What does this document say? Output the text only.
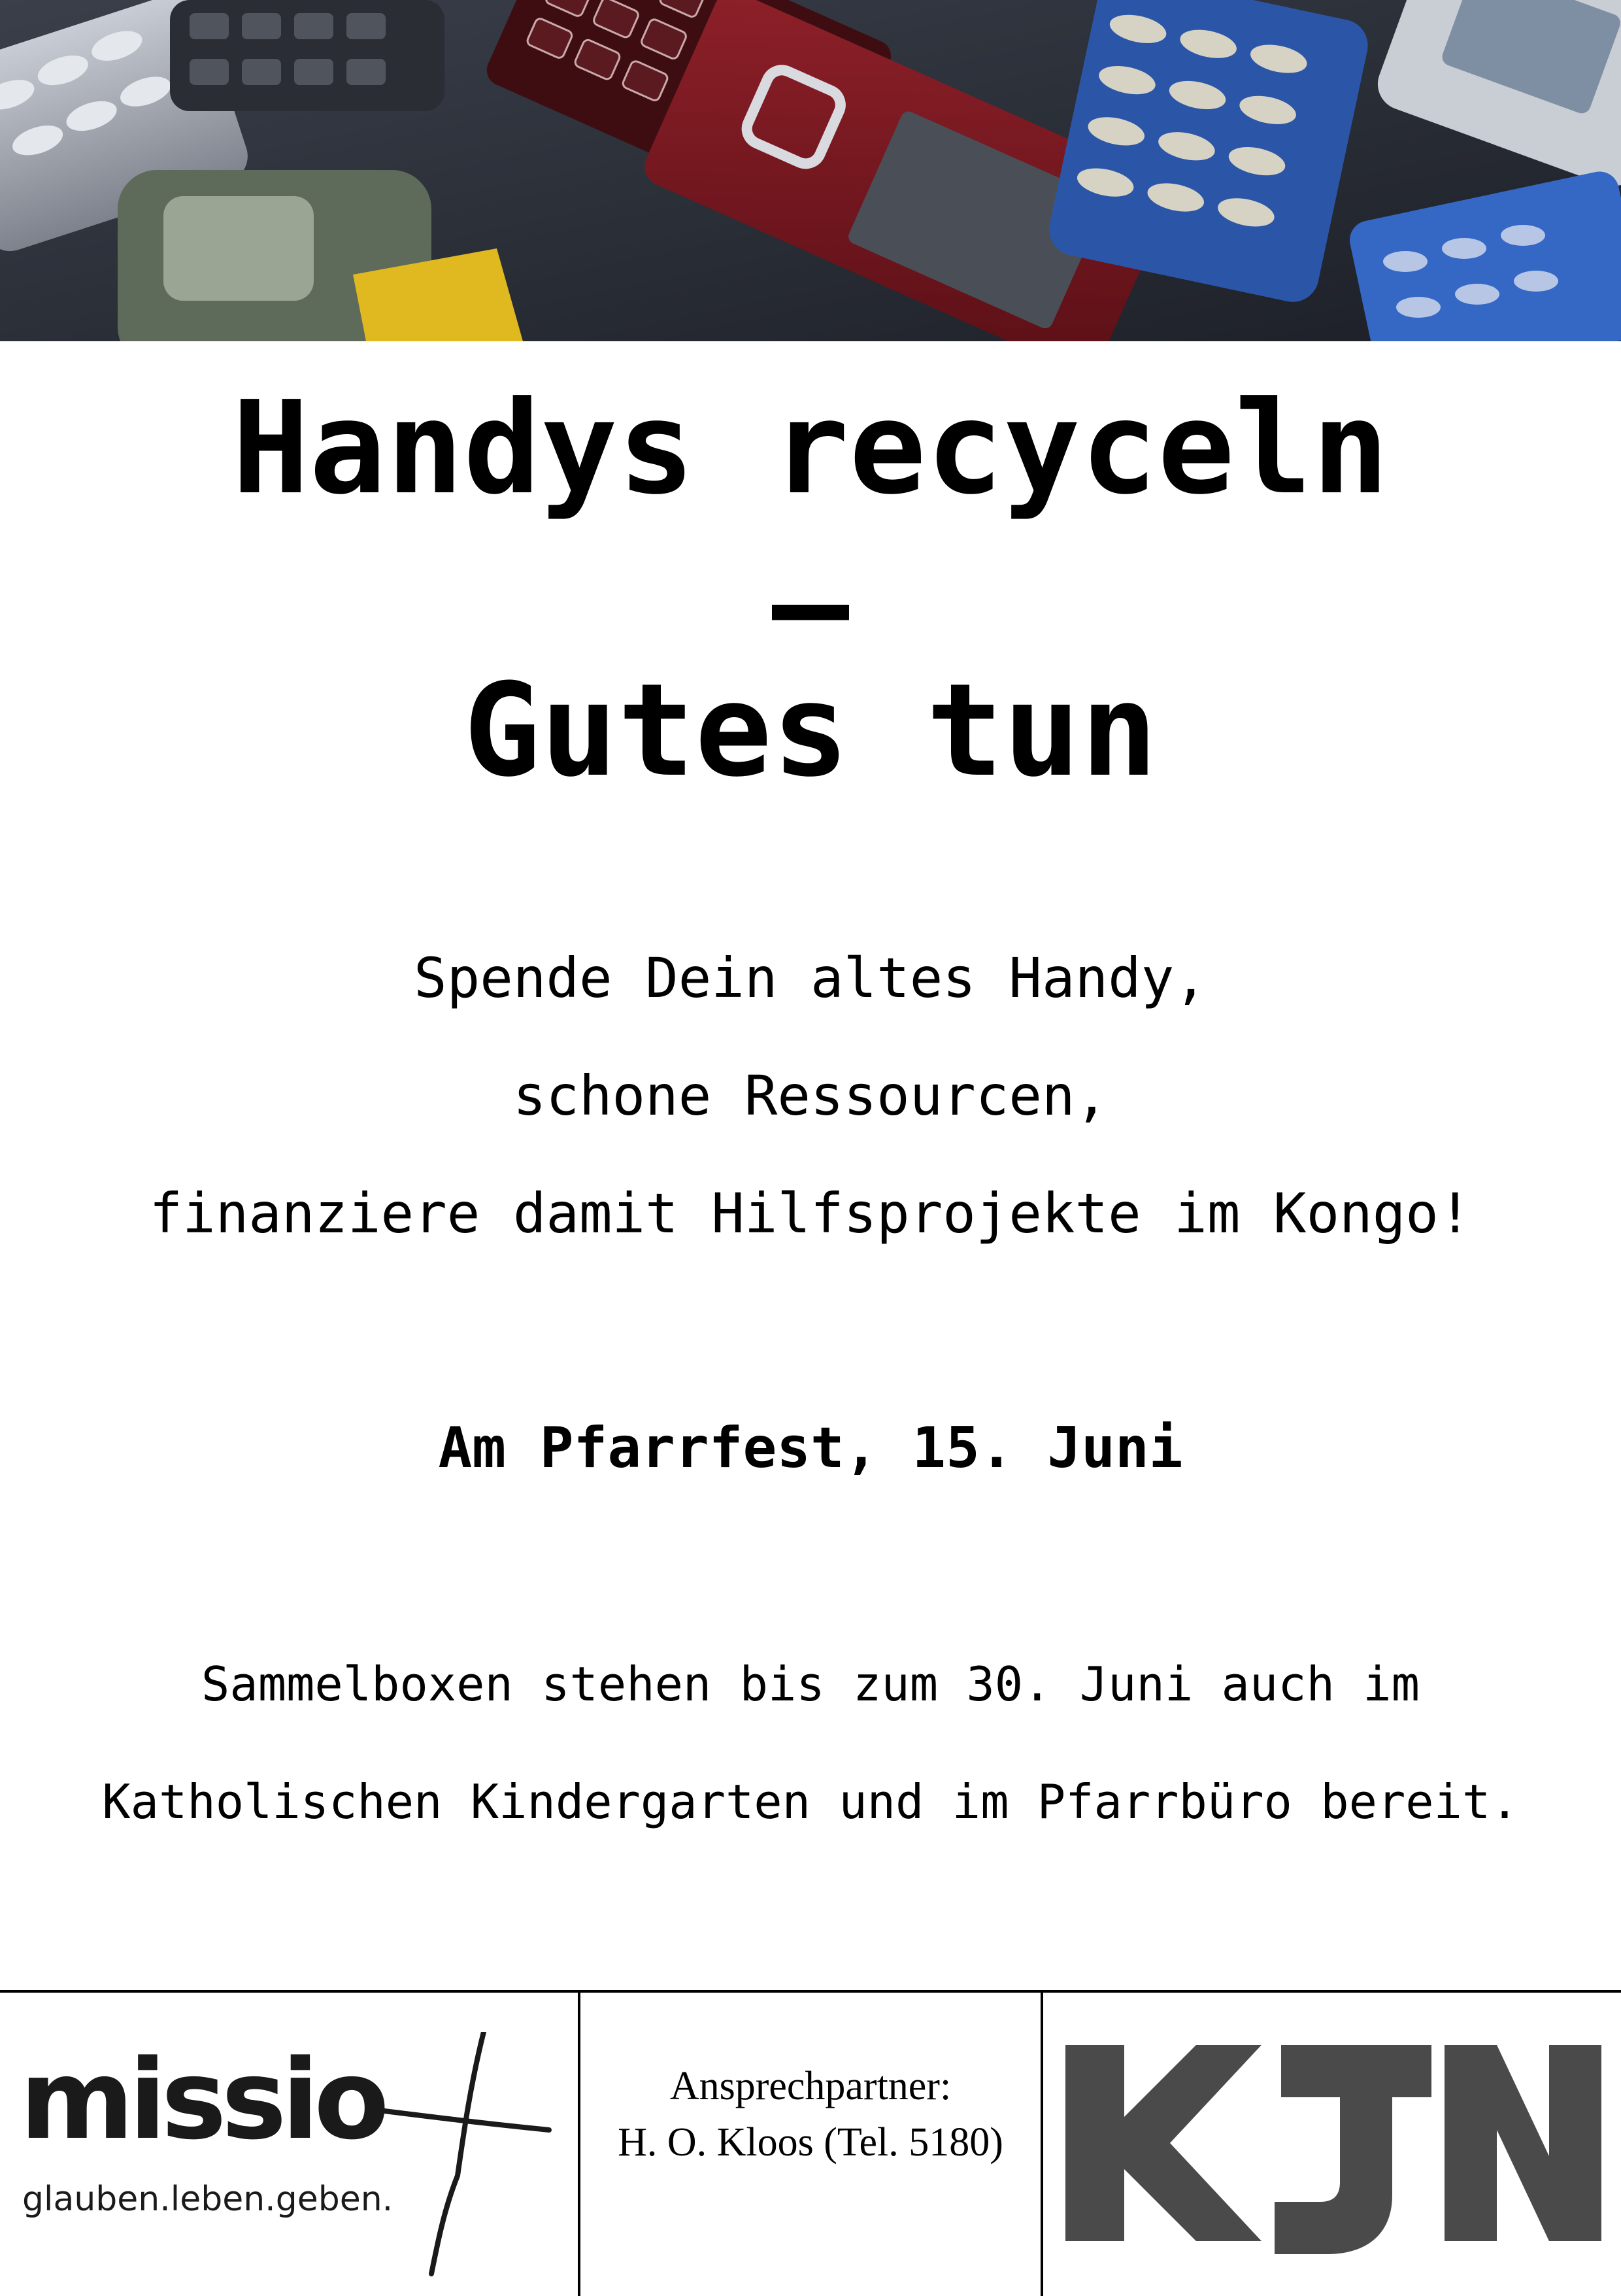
Handys recyceln
–
Gutes tun
Spende Dein altes Handy,
schone Ressourcen,
finanziere damit Hilfsprojekte im Kongo!
Am Pfarrfest, 15. Juni
Sammelboxen stehen bis zum 30. Juni auch im
Katholischen Kindergarten und im Pfarrbüro bereit.
missio
glauben.leben.geben.
Ansprechpartner:
H. O. Kloos (Tel. 5180)
